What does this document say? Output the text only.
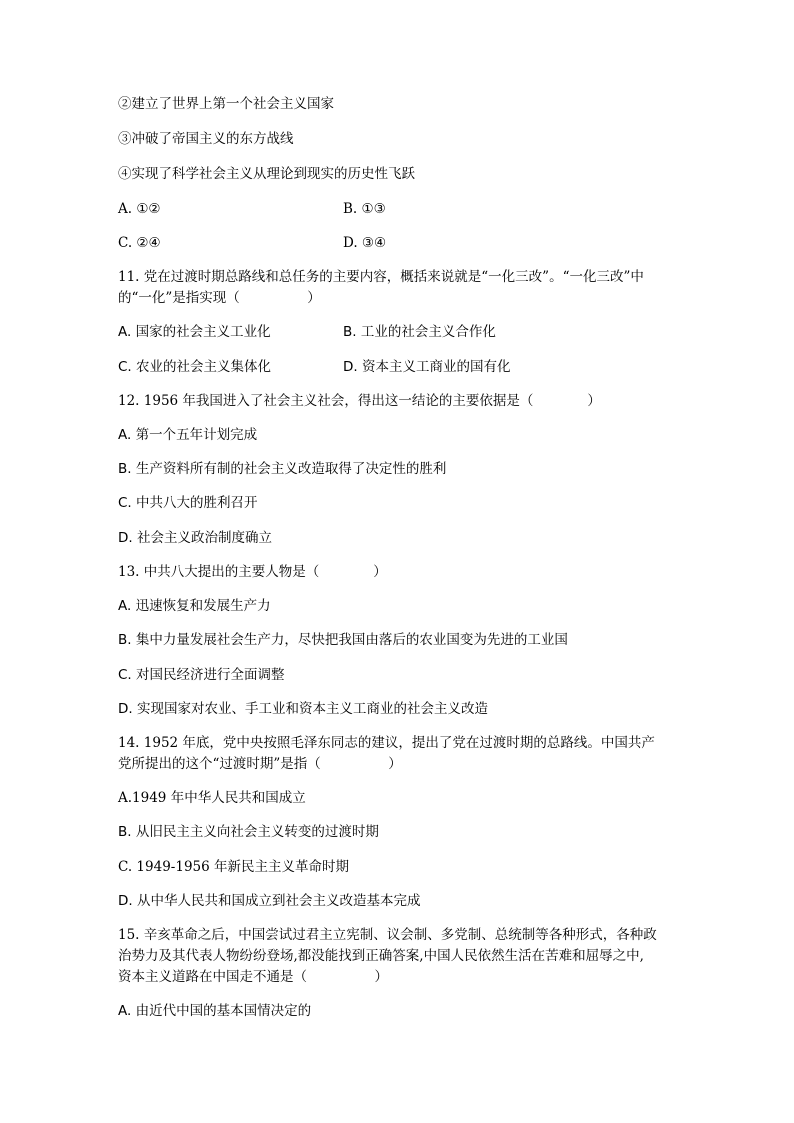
②建立了世界上第一个社会主义国家
③冲破了帝国主义的东方战线
④实现了科学社会主义从理论到现实的历史性飞跃
A. ①②	B. ①③
C. ②④	D. ③④
11. 党在过渡时期总路线和总任务的主要内容，概括来说就是“一化三改”。“一化三改”中
的“一化”是指实现（　　　　　）
A. 国家的社会主义工业化	B. 工业的社会主义合作化
C. 农业的社会主义集体化	D. 资本主义工商业的国有化
12. 1956 年我国进入了社会主义社会，得出这一结论的主要依据是（　　　　）
A. 第一个五年计划完成
B. 生产资料所有制的社会主义改造取得了决定性的胜利
C. 中共八大的胜利召开
D. 社会主义政治制度确立
13. 中共八大提出的主要人物是（　　　　）
A. 迅速恢复和发展生产力
B. 集中力量发展社会生产力，尽快把我国由落后的农业国变为先进的工业国
C. 对国民经济进行全面调整
D. 实现国家对农业、手工业和资本主义工商业的社会主义改造
14. 1952 年底，党中央按照毛泽东同志的建议，提出了党在过渡时期的总路线。中国共产
党所提出的这个“过渡时期”是指（　　　　　）
A.1949 年中华人民共和国成立
B. 从旧民主主义向社会主义转变的过渡时期
C. 1949-1956 年新民主主义革命时期
D. 从中华人民共和国成立到社会主义改造基本完成
15. 辛亥革命之后，中国尝试过君主立宪制、议会制、多党制、总统制等各种形式，各种政
治势力及其代表人物纷纷登场,都没能找到正确答案,中国人民依然生活在苦难和屈辱之中,
资本主义道路在中国走不通是（　　　　　）
A. 由近代中国的基本国情决定的
